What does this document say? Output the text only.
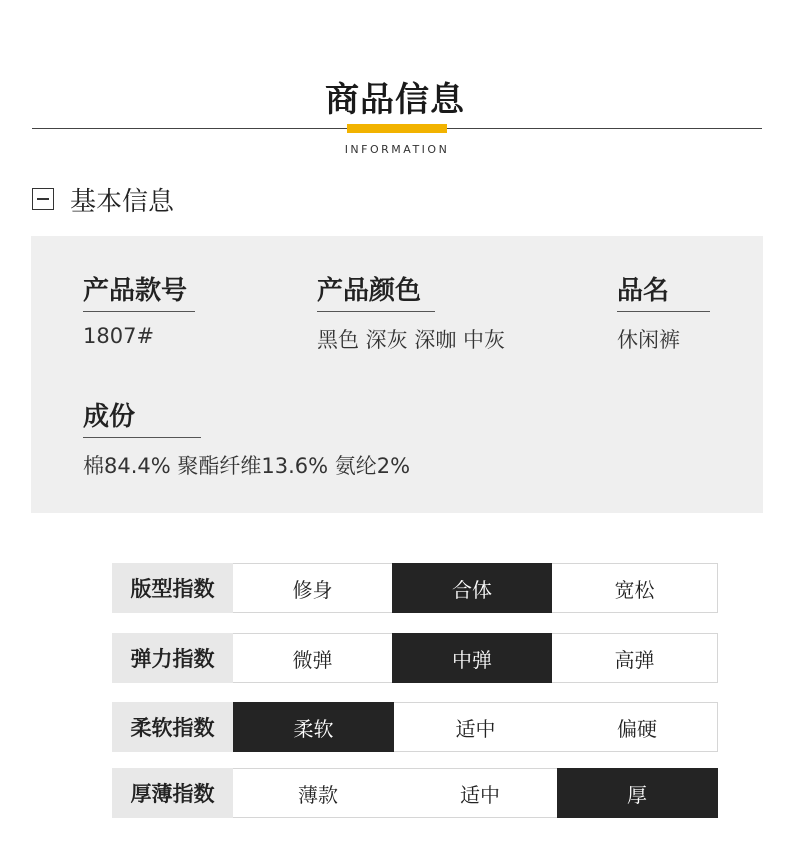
商品信息
INFORMATION
基本信息
产品款号
1807#
产品颜色
黑色 深灰 深咖 中灰
品名
休闲裤
成份
棉84.4% 聚酯纤维13.6% 氨纶2%
版型指数	修身	合体	宽松
弹力指数	微弹	中弹	高弹
柔软指数	柔软	适中	偏硬
厚薄指数	薄款	适中	厚
